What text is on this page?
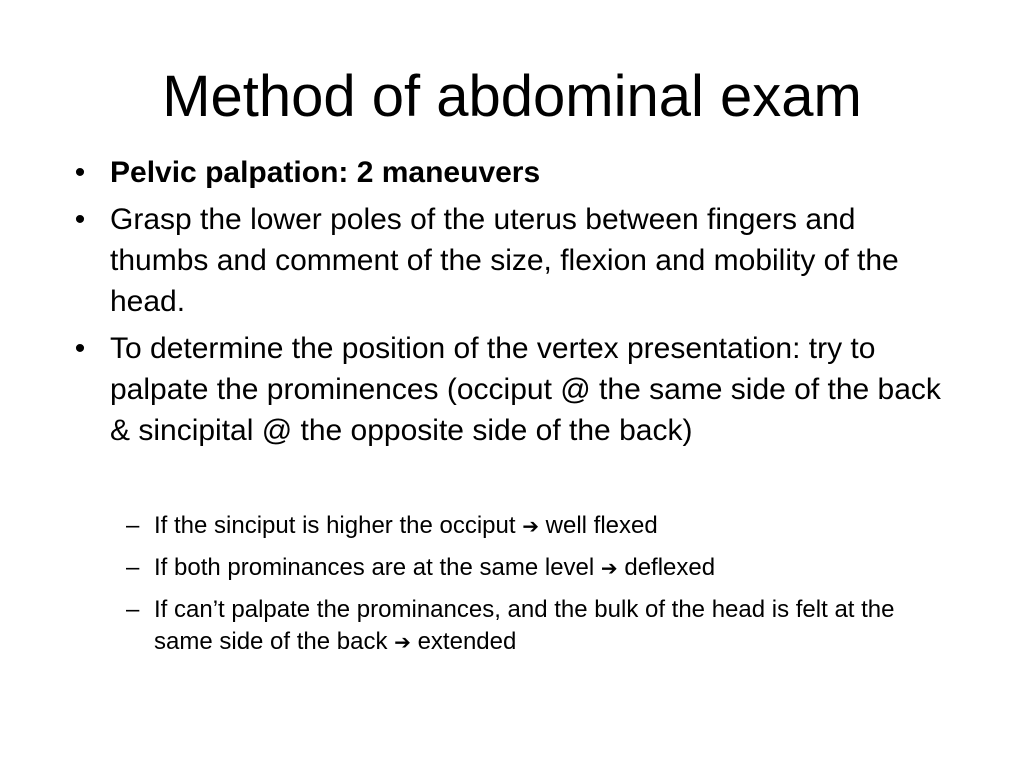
Method of abdominal exam
• Pelvic palpation: 2 maneuvers
• Grasp the lower poles of the uterus between fingers and thumbs and comment of the size, flexion and mobility of the head.
• To determine the position of the vertex presentation: try to palpate the prominences (occiput @ the same side of the back & sincipital @ the opposite side of the back)
– If the sinciput is higher the occiput ➔ well flexed
– If both prominances are at the same level ➔ deflexed
– If can’t palpate the prominances, and the bulk of the head is felt at the same side of the back ➔ extended
